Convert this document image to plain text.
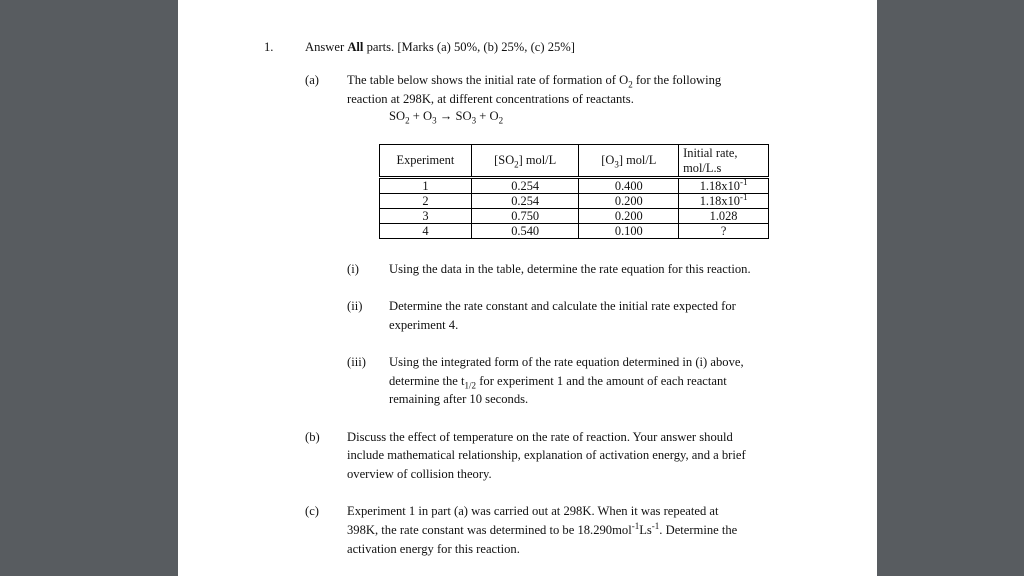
1.	Answer All parts. [Marks (a) 50%, (b) 25%, (c) 25%]
(a) The table below shows the initial rate of formation of $O_2$ for the following
reaction at 298K, at different concentrations of reactants.
$SO_2 + O_3 \to SO_3 + O_2$
Experiment	$[SO_2]$ mol/L	$[O_3]$ mol/L	Initial rate,
mol/L.s
1	0.254	0.400	$1.18x10^{-1}$
2	0.254	0.200	$1.18x10^{-1}$
3	0.750	0.200	1.028
4	0.540	0.100	?
(i) Using the data in the table, determine the rate equation for this reaction.
(ii) Determine the rate constant and calculate the initial rate expected for
experiment 4.
(iii) Using the integrated form of the rate equation determined in (i) above,
determine the $t_{1/2}$ for experiment 1 and the amount of each reactant
remaining after 10 seconds.
(b) Discuss the effect of temperature on the rate of reaction. Your answer should
include mathematical relationship, explanation of activation energy, and a brief
overview of collision theory.
(c) Experiment 1 in part (a) was carried out at 298K. When it was repeated at
398K, the rate constant was determined to be $18.290mol^{-1}Ls^{-1}$. Determine the
activation energy for this reaction.
